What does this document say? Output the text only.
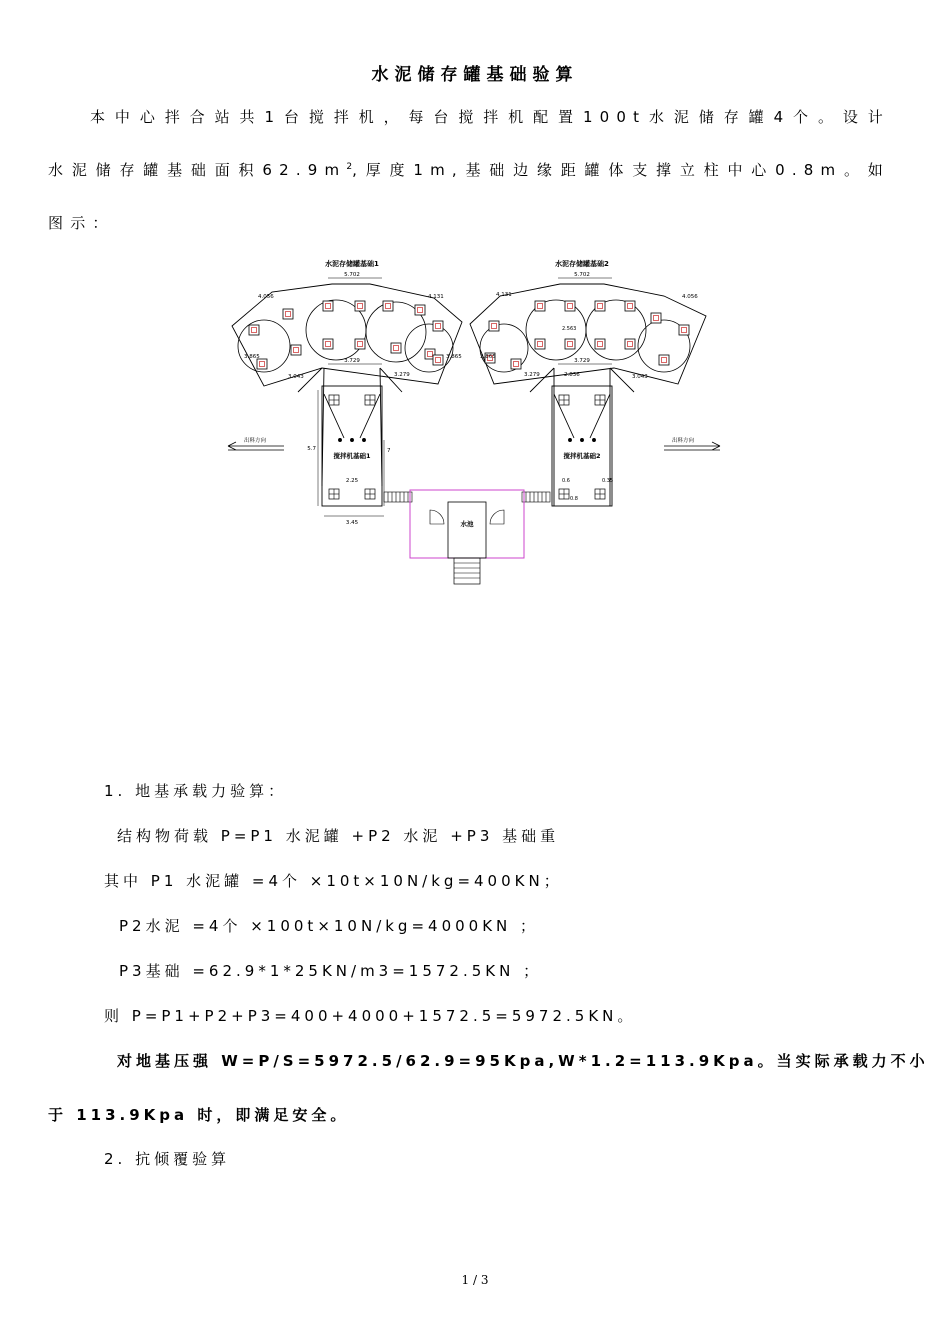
水泥储存罐基础验算
本中心拌合站共1台搅拌机，每台搅拌机配置100t水泥储存罐4个。设计
水泥储存罐基础面积$62.9m^2$,厚度1m,基础边缘距罐体支撑立柱中心0.8m。如
图示：
水泥存储罐基础1	水泥存储罐基础2
5.702	5.702
4.056	4.056
4.131	4.131
3.729	3.729
3.865	3.865	3.865
3.043	3.043
3.279	3.279
5.7	7
2.25
3.45
2.836
0.6	0.35
0.8
2.563
搅拌机基础1	搅拌机基础2
水池
出料方向	出料方向
1. 地基承载力验算：
结构物荷载 P=P1 水泥罐 +P2 水泥 +P3 基础重
其中 P1 水泥罐 =4个 ×10t×10N/kg=400KN；
P2水泥 =4个 ×100t×10N/kg=4000KN ；
P3基础 =62.9*1*25KN/m3=1572.5KN ；
则 P=P1+P2+P3=400+4000+1572.5=5972.5KN。
对地基压强 W=P/S=5972.5/62.9=95Kpa,W*1.2=113.9Kpa。当实际承载力不小
于 113.9Kpa 时，即满足安全。
2. 抗倾覆验算
1 / 3
